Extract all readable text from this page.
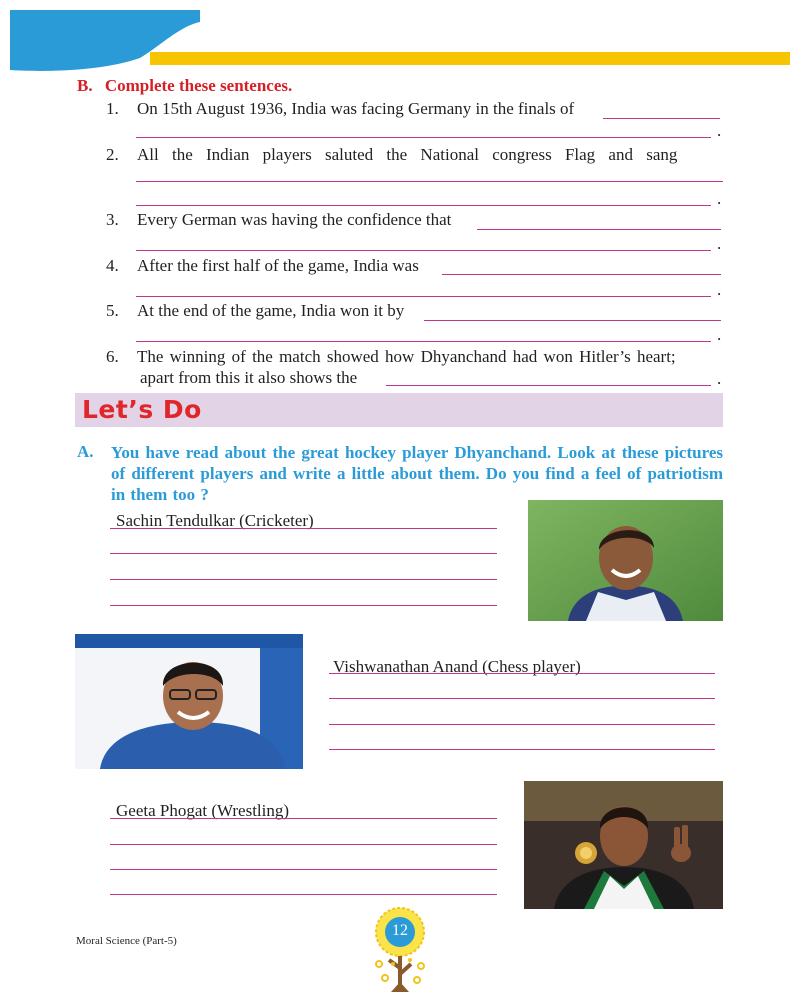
B. Complete these sentences.
1. On 15th August 1936, India was facing Germany in the finals of
.
2. All the Indian players saluted the National congress Flag and sang
.
3. Every German was having the confidence that
.
4. After the first half of the game, India was
.
5. At the end of the game, India won it by
.
6. The winning of the match showed how Dhyanchand had won Hitler’s heart;
apart from this it also shows the	.
Let’s Do
A. You have read about the great hockey player Dhyanchand. Look at these pictures of different players and write a little about them. Do you find a feel of patriotism in them too ?
Sachin Tendulkar (Cricketer)
Vishwanathan Anand (Chess player)
Geeta Phogat (Wrestling)
Moral Science (Part-5)
12
